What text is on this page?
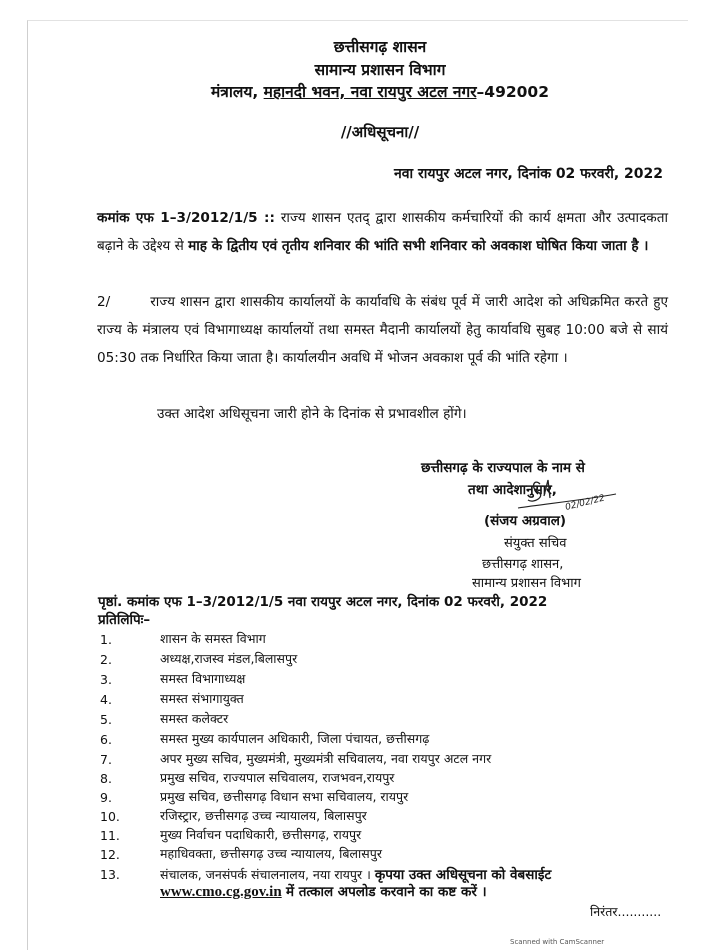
छत्तीसगढ़ शासन
सामान्य प्रशासन विभाग
मंत्रालय, महानदी भवन, नवा रायपुर अटल नगर–492002
//अधिसूचना//
नवा रायपुर अटल नगर, दिनांक 02 फरवरी, 2022

कमांक एफ 1–3/2012/1/5 :: राज्य शासन एतद् द्वारा शासकीय कर्मचारियों की कार्य क्षमता और उत्पादकता बढ़ाने के उद्देश्य से माह के द्वितीय एवं तृतीय शनिवार की भांति सभी शनिवार को अवकाश घोषित किया जाता है ।

2/	राज्य शासन द्वारा शासकीय कार्यालयों के कार्यावधि के संबंध पूर्व में जारी आदेश को अधिक्रमित करते हुए राज्य के मंत्रालय एवं विभागाध्यक्ष कार्यालयों तथा समस्त मैदानी कार्यालयों हेतु कार्यावधि सुबह 10:00 बजे से सायं 05:30 तक निर्धारित किया जाता है। कार्यालयीन अवधि में भोजन अवकाश पूर्व की भांति रहेगा ।

उक्त आदेश अधिसूचना जारी होने के दिनांक से प्रभावशील होंगे।

छत्तीसगढ़ के राज्यपाल के नाम से
तथा आदेशानुसार,
02/02/22
(संजय अग्रवाल)
संयुक्त सचिव
छत्तीसगढ़ शासन,
सामान्य प्रशासन विभाग
पृष्ठां. कमांक एफ 1–3/2012/1/5 नवा रायपुर अटल नगर, दिनांक 02 फरवरी, 2022
प्रतिलिपिः–
1.	शासन के समस्त विभाग
2.	अध्यक्ष,राजस्व मंडल,बिलासपुर
3.	समस्त विभागाध्यक्ष
4.	समस्त संभागायुक्त
5.	समस्त कलेक्टर
6.	समस्त मुख्य कार्यपालन अधिकारी, जिला पंचायत, छत्तीसगढ़
7.	अपर मुख्य सचिव, मुख्यमंत्री, मुख्यमंत्री सचिवालय, नवा रायपुर अटल नगर
8.	प्रमुख सचिव, राज्यपाल सचिवालय, राजभवन,रायपुर
9.	प्रमुख सचिव, छत्तीसगढ़ विधान सभा सचिवालय, रायपुर
10.	रजिस्ट्रार, छत्तीसगढ़ उच्च न्यायालय, बिलासपुर
11.	मुख्य निर्वाचन पदाधिकारी, छत्तीसगढ़, रायपुर
12.	महाधिवक्ता, छत्तीसगढ़ उच्च न्यायालय, बिलासपुर
13.	संचालक, जनसंपर्क संचालनालय, नया रायपुर । कृपया उक्त अधिसूचना को वेबसाईट
www.cmo.cg.gov.in में तत्काल अपलोड करवाने का कष्ट करें ।
निरंतर...........
Scanned with CamScanner
